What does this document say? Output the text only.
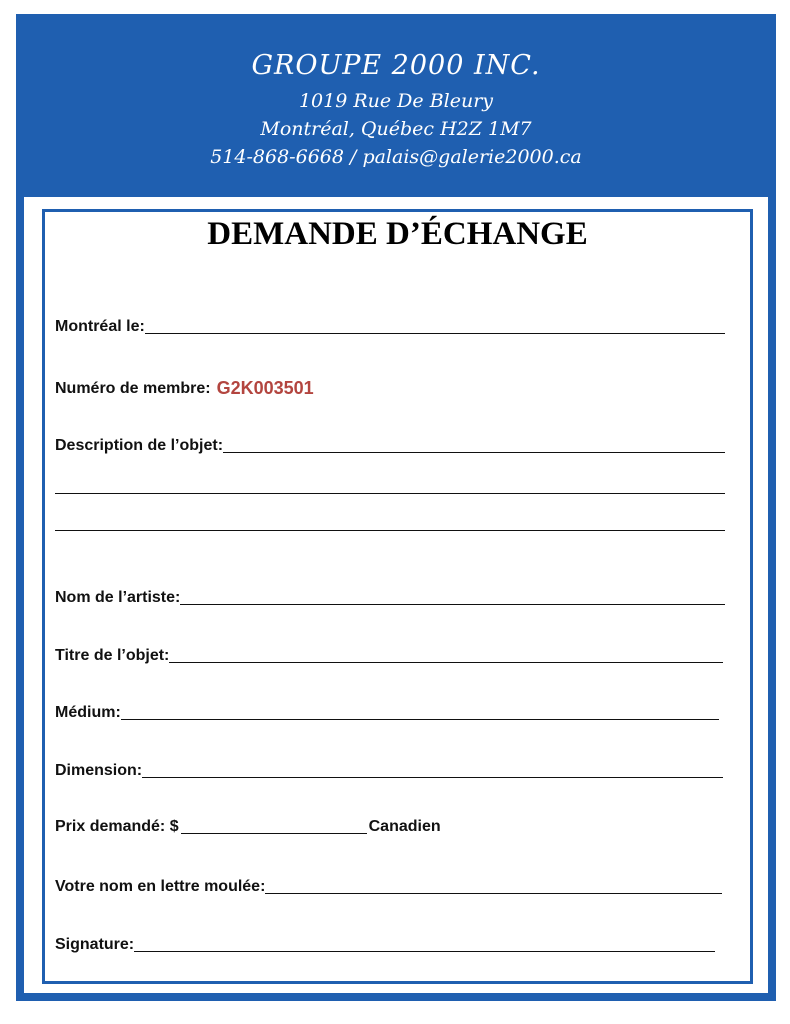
GROUPE 2000 INC.
1019 Rue De Bleury
Montréal, Québec H2Z 1M7
514-868-6668 / palais@galerie2000.ca
DEMANDE D’ÉCHANGE
Montréal le:
Numéro de membre: G2K003501
Description de l’objet:
Nom de l’artiste:
Titre de l’objet:
Médium:
Dimension:
Prix demandé: $	Canadien
Votre nom en lettre moulée:
Signature:
